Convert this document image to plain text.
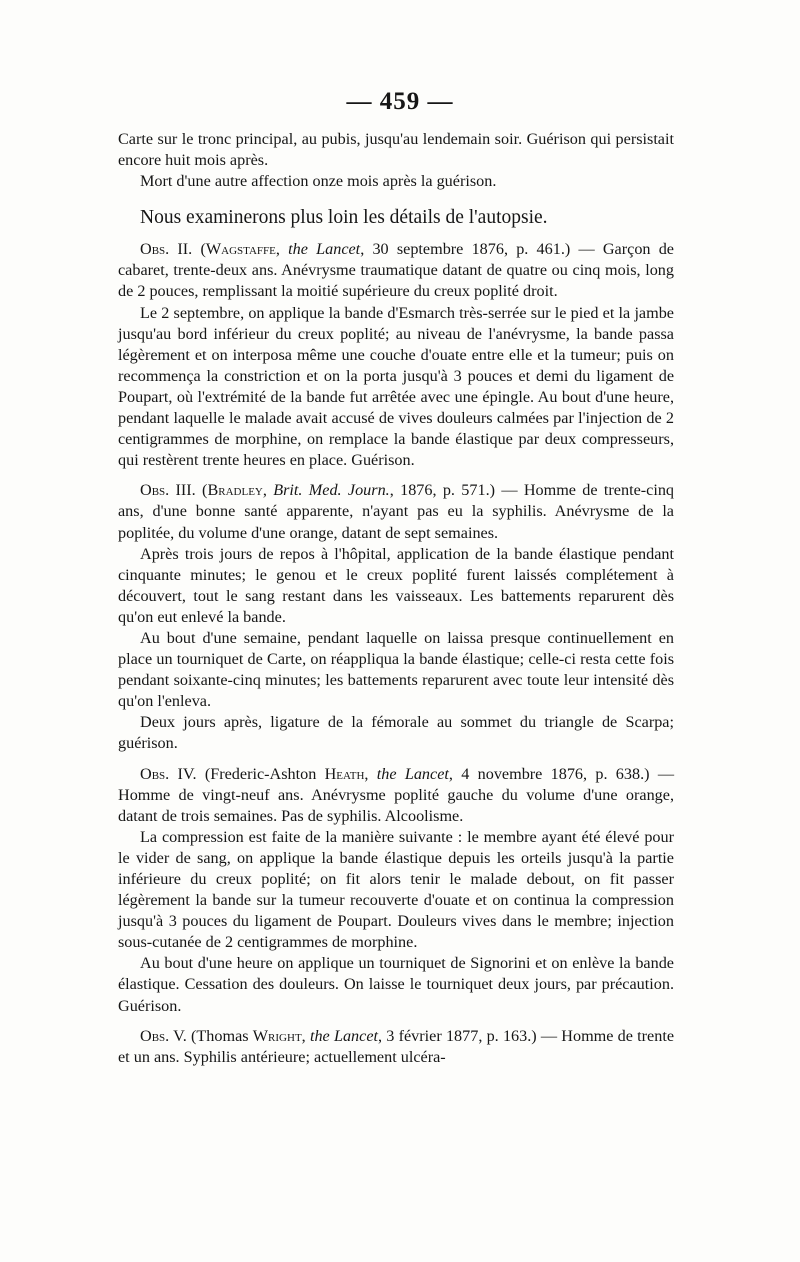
— 459 —

Carte sur le tronc principal, au pubis, jusqu'au lendemain soir. Guérison qui persistait encore huit mois après.

Mort d'une autre affection onze mois après la guérison.

Nous examinerons plus loin les détails de l'autopsie.

Obs. II. (Wagstaffe, the Lancet, 30 septembre 1876, p. 461.) — Garçon de cabaret, trente-deux ans. Anévrysme traumatique datant de quatre ou cinq mois, long de 2 pouces, remplissant la moitié supérieure du creux poplité droit.

Le 2 septembre, on applique la bande d'Esmarch très-serrée sur le pied et la jambe jusqu'au bord inférieur du creux poplité; au niveau de l'anévrysme, la bande passa légèrement et on interposa même une couche d'ouate entre elle et la tumeur; puis on recommença la constriction et on la porta jusqu'à 3 pouces et demi du ligament de Poupart, où l'extrémité de la bande fut arrêtée avec une épingle. Au bout d'une heure, pendant laquelle le malade avait accusé de vives douleurs calmées par l'injection de 2 centigrammes de morphine, on remplace la bande élastique par deux compresseurs, qui restèrent trente heures en place. Guérison.

Obs. III. (Bradley, Brit. Med. Journ., 1876, p. 571.) — Homme de trente-cinq ans, d'une bonne santé apparente, n'ayant pas eu la syphilis. Anévrysme de la poplitée, du volume d'une orange, datant de sept semaines.

Après trois jours de repos à l'hôpital, application de la bande élastique pendant cinquante minutes; le genou et le creux poplité furent laissés complétement à découvert, tout le sang restant dans les vaisseaux. Les battements reparurent dès qu'on eut enlevé la bande.

Au bout d'une semaine, pendant laquelle on laissa presque continuellement en place un tourniquet de Carte, on réappliqua la bande élastique; celle-ci resta cette fois pendant soixante-cinq minutes; les battements reparurent avec toute leur intensité dès qu'on l'enleva.

Deux jours après, ligature de la fémorale au sommet du triangle de Scarpa; guérison.

Obs. IV. (Frederic-Ashton Heath, the Lancet, 4 novembre 1876, p. 638.) — Homme de vingt-neuf ans. Anévrysme poplité gauche du volume d'une orange, datant de trois semaines. Pas de syphilis. Alcoolisme.

La compression est faite de la manière suivante : le membre ayant été élevé pour le vider de sang, on applique la bande élastique depuis les orteils jusqu'à la partie inférieure du creux poplité; on fit alors tenir le malade debout, on fit passer légèrement la bande sur la tumeur recouverte d'ouate et on continua la compression jusqu'à 3 pouces du ligament de Poupart. Douleurs vives dans le membre; injection sous-cutanée de 2 centigrammes de morphine.

Au bout d'une heure on applique un tourniquet de Signorini et on enlève la bande élastique. Cessation des douleurs. On laisse le tourniquet deux jours, par précaution. Guérison.

Obs. V. (Thomas Wright, the Lancet, 3 février 1877, p. 163.) — Homme de trente et un ans. Syphilis antérieure; actuellement ulcéra-
